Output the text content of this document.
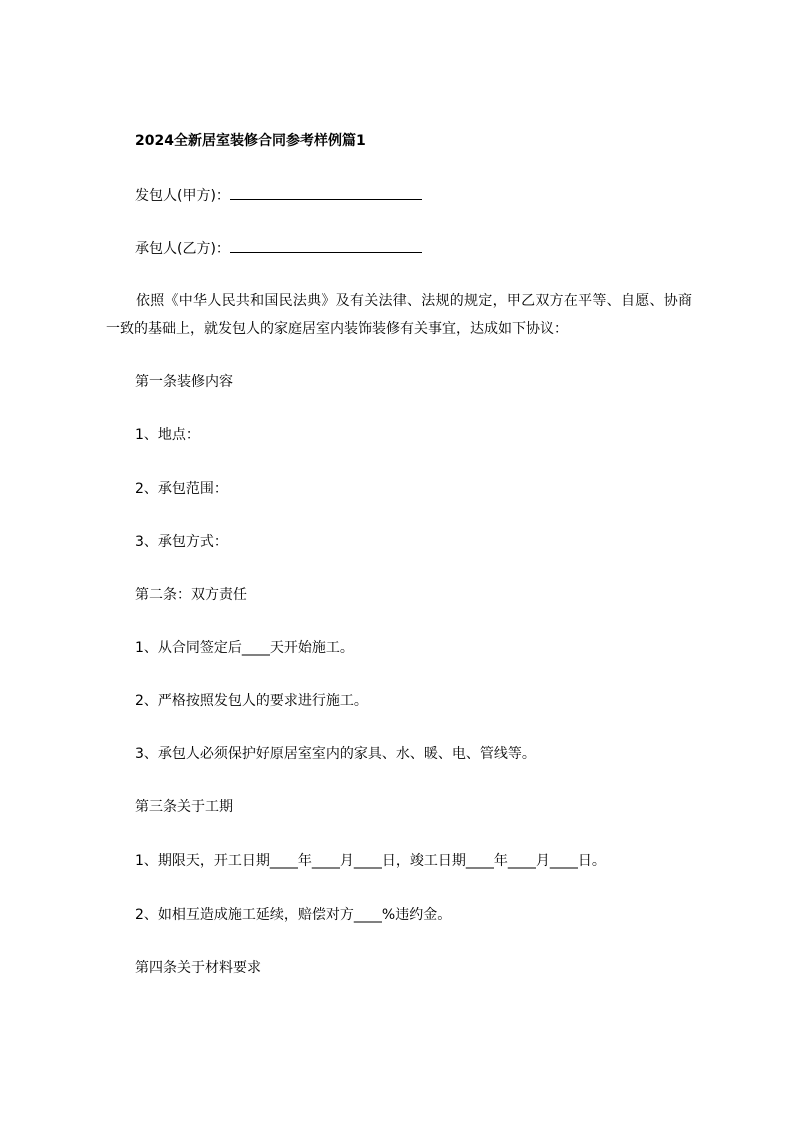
2024全新居室装修合同参考样例篇1
发包人(甲方)：
承包人(乙方)：
依照《中华人民共和国民法典》及有关法律、法规的规定，甲乙双方在平等、自愿、协商一致的基础上，就发包人的家庭居室内装饰装修有关事宜，达成如下协议：
第一条装修内容
1、地点：
2、承包范围：
3、承包方式：
第二条：双方责任
1、从合同签定后____天开始施工。
2、严格按照发包人的要求进行施工。
3、承包人必须保护好原居室室内的家具、水、暖、电、管线等。
第三条关于工期
1、期限天，开工日期____年____月____日，竣工日期____年____月____日。
2、如相互造成施工延续，赔偿对方____%违约金。
第四条关于材料要求
